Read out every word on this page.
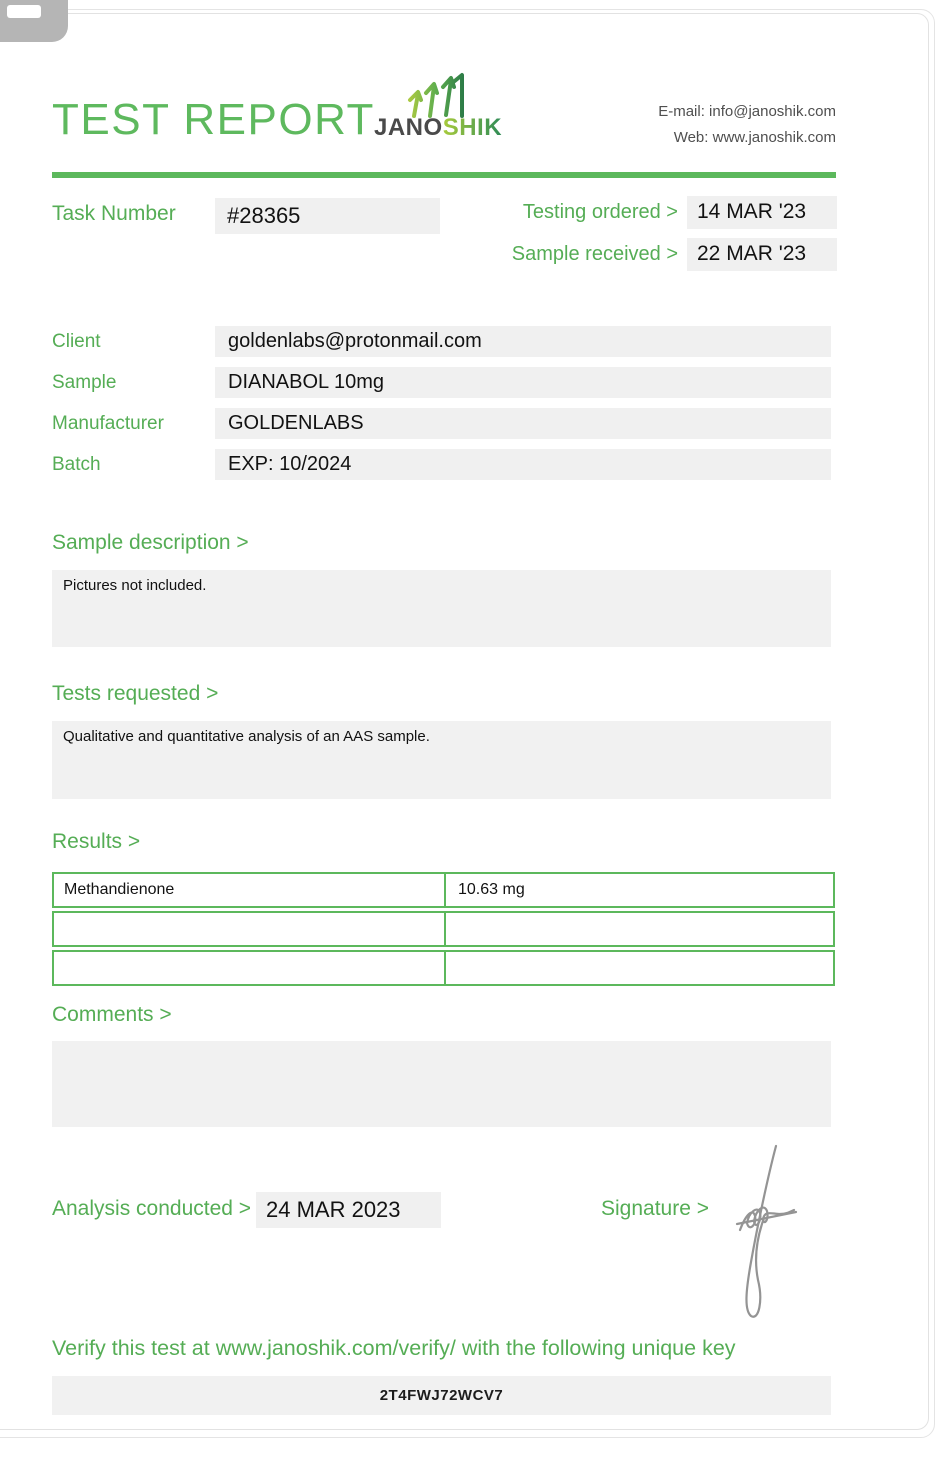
TEST REPORT JANOSHIK
E-mail: info@janoshik.com
Web: www.janoshik.com
Task Number	#28365	Testing ordered > 14 MAR '23
Sample received > 22 MAR '23
Client	goldenlabs@protonmail.com
Sample	DIANABOL 10mg
Manufacturer	GOLDENLABS
Batch	EXP: 10/2024
Sample description >
Pictures not included.
Tests requested >
Qualitative and quantitative analysis of an AAS sample.
Results >
Methandienone	10.63 mg
Comments >
Analysis conducted > 24 MAR 2023	Signature >
Verify this test at www.janoshik.com/verify/ with the following unique key
2T4FWJ72WCV7
